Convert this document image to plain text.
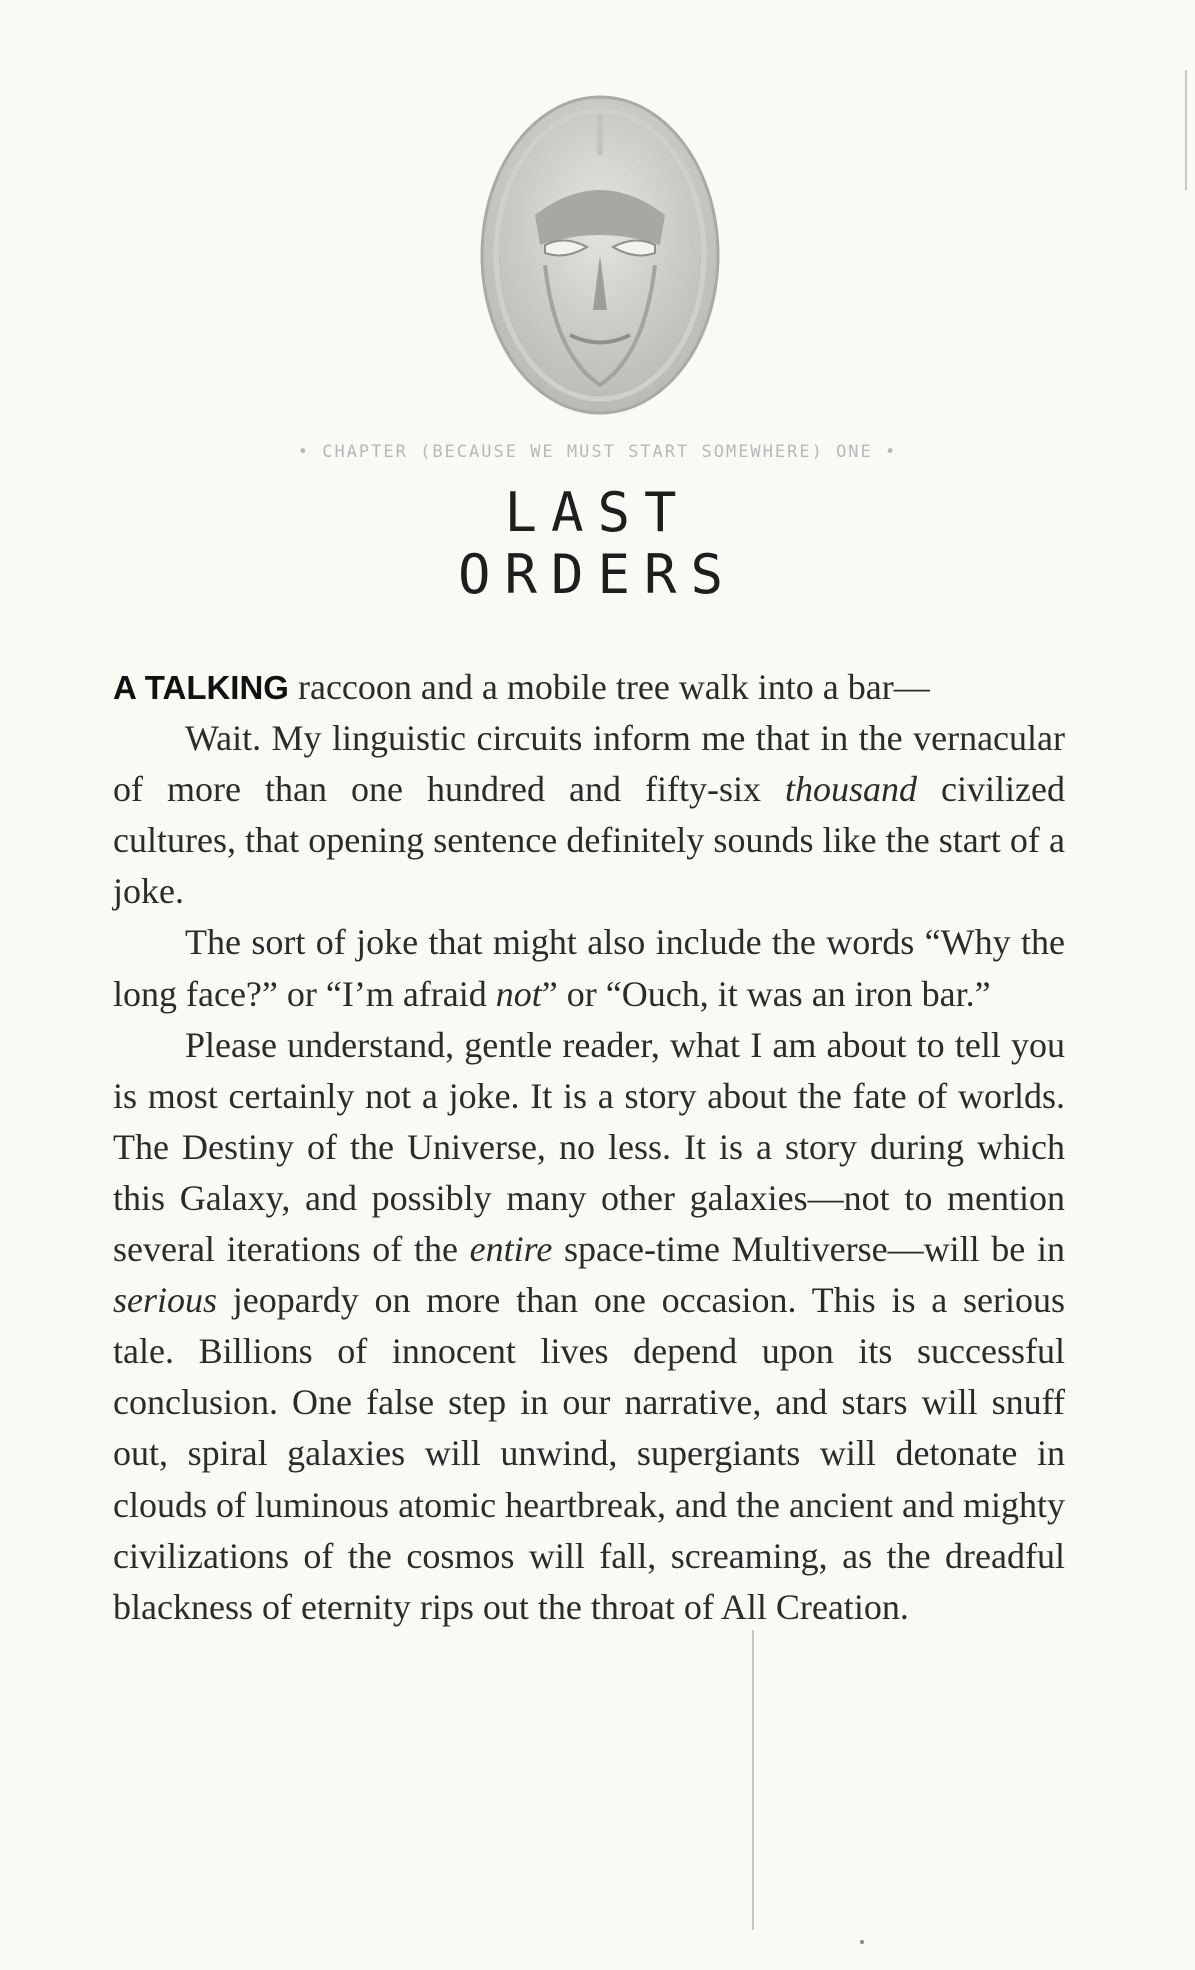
• CHAPTER (BECAUSE WE MUST START SOMEWHERE) ONE •
LAST
ORDERS

A TALKING raccoon and a mobile tree walk into a bar—

Wait. My linguistic circuits inform me that in the vernacular of more than one hundred and fifty-six thousand civilized cultures, that opening sentence definitely sounds like the start of a joke.

The sort of joke that might also include the words “Why the long face?” or “I’m afraid not” or “Ouch, it was an iron bar.”

Please understand, gentle reader, what I am about to tell you is most certainly not a joke. It is a story about the fate of worlds. The Destiny of the Universe, no less. It is a story during which this Galaxy, and possibly many other galaxies—not to mention several iterations of the entire space-time Multiverse—will be in serious jeopardy on more than one occasion. This is a serious tale. Billions of innocent lives depend upon its successful conclusion. One false step in our narrative, and stars will snuff out, spiral galaxies will unwind, supergiants will detonate in clouds of luminous atomic heartbreak, and the ancient and mighty civilizations of the cosmos will fall, screaming, as the dreadful blackness of eternity rips out the throat of All Creation.
